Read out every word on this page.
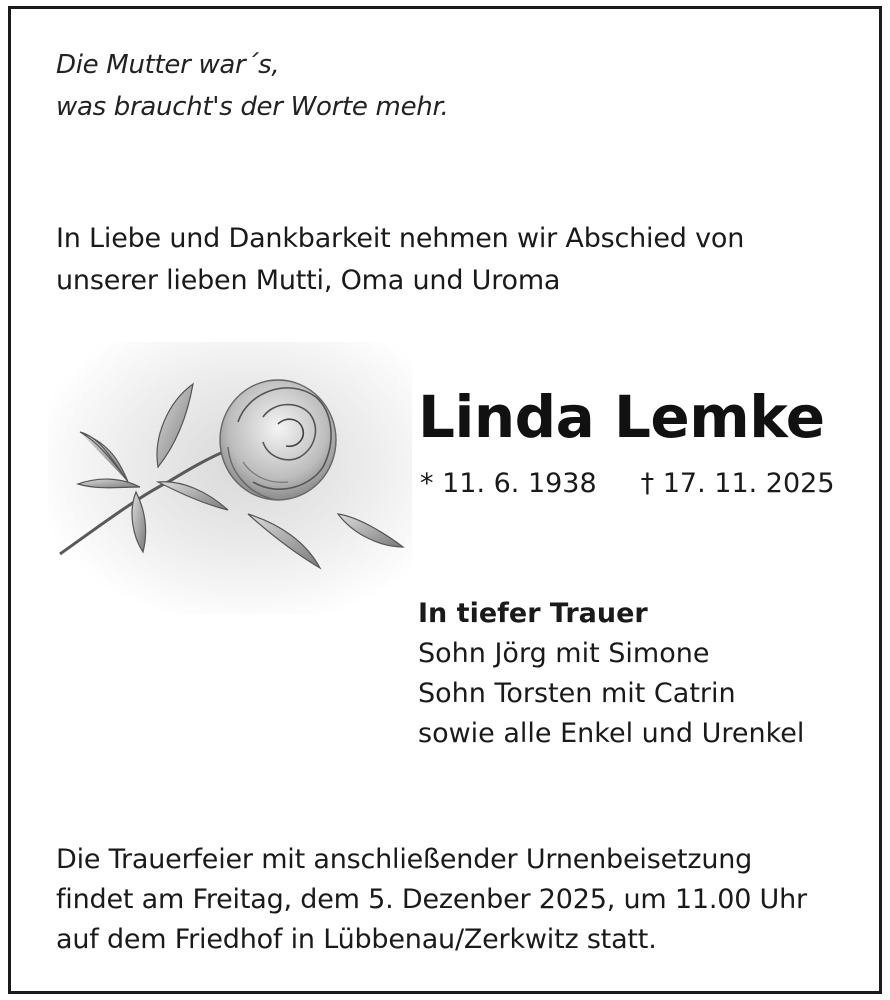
Die Mutter war´s,
was braucht's der Worte mehr.
In Liebe und Dankbarkeit nehmen wir Abschied von
unserer lieben Mutti, Oma und Uroma
Linda Lemke
* 11. 6. 1938 † 17. 11. 2025
In tiefer Trauer
Sohn Jörg mit Simone
Sohn Torsten mit Catrin
sowie alle Enkel und Urenkel
Die Trauerfeier mit anschließender Urnenbeisetzung
findet am Freitag, dem 5. Dezenber 2025, um 11.00 Uhr
auf dem Friedhof in Lübbenau/Zerkwitz statt.
